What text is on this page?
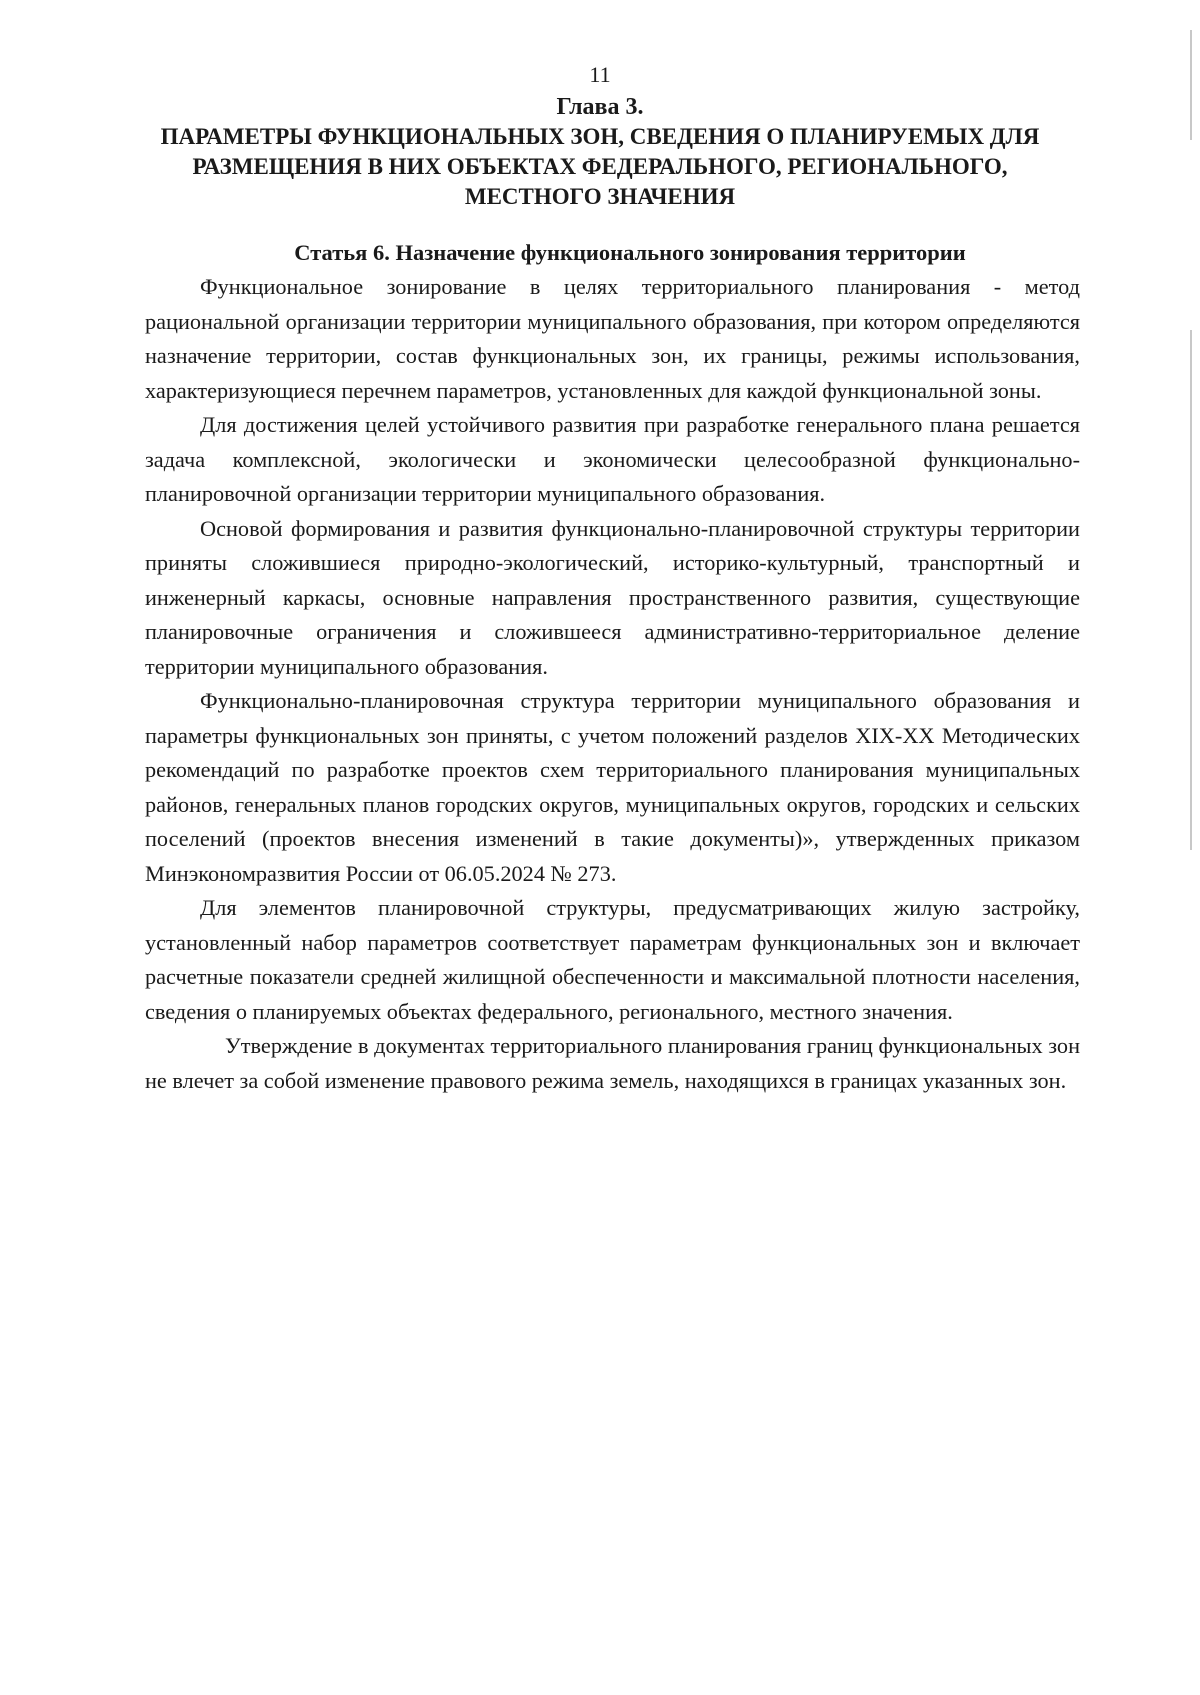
11

Глава 3.

ПАРАМЕТРЫ ФУНКЦИОНАЛЬНЫХ ЗОН, СВЕДЕНИЯ О ПЛАНИРУЕМЫХ ДЛЯ

РАЗМЕЩЕНИЯ В НИХ ОБЪЕКТАХ ФЕДЕРАЛЬНОГО, РЕГИОНАЛЬНОГО,

МЕСТНОГО ЗНАЧЕНИЯ

Статья 6. Назначение функционального зонирования территории

Функциональное зонирование в целях территориального планирования - метод рациональной организации территории муниципального образования, при котором определяются назначение территории, состав функциональных зон, их границы, режимы использования, характеризующиеся перечнем параметров, установленных для каждой функциональной зоны.

Для достижения целей устойчивого развития при разработке генерального плана решается задача комплексной, экологически и экономически целесообразной функционально-планировочной организации территории муниципального образования.

Основой формирования и развития функционально-планировочной структуры территории приняты сложившиеся природно-экологический, историко-культурный, транспортный и инженерный каркасы, основные направления пространственного развития, существующие планировочные ограничения и сложившееся административно-территориальное деление территории муниципального образования.

Функционально-планировочная структура территории муниципального образования и параметры функциональных зон приняты, с учетом положений разделов XIX-XX Методических рекомендаций по разработке проектов схем территориального планирования муниципальных районов, генеральных планов городских округов, муниципальных округов, городских и сельских поселений (проектов внесения изменений в такие документы)», утвержденных приказом Минэкономразвития России от 06.05.2024 № 273.

Для элементов планировочной структуры, предусматривающих жилую застройку, установленный набор параметров соответствует параметрам функциональных зон и включает расчетные показатели средней жилищной обеспеченности и максимальной плотности населения, сведения о планируемых объектах федерального, регионального, местного значения.

Утверждение в документах территориального планирования границ функциональных зон не влечет за собой изменение правового режима земель, находящихся в границах указанных зон.
